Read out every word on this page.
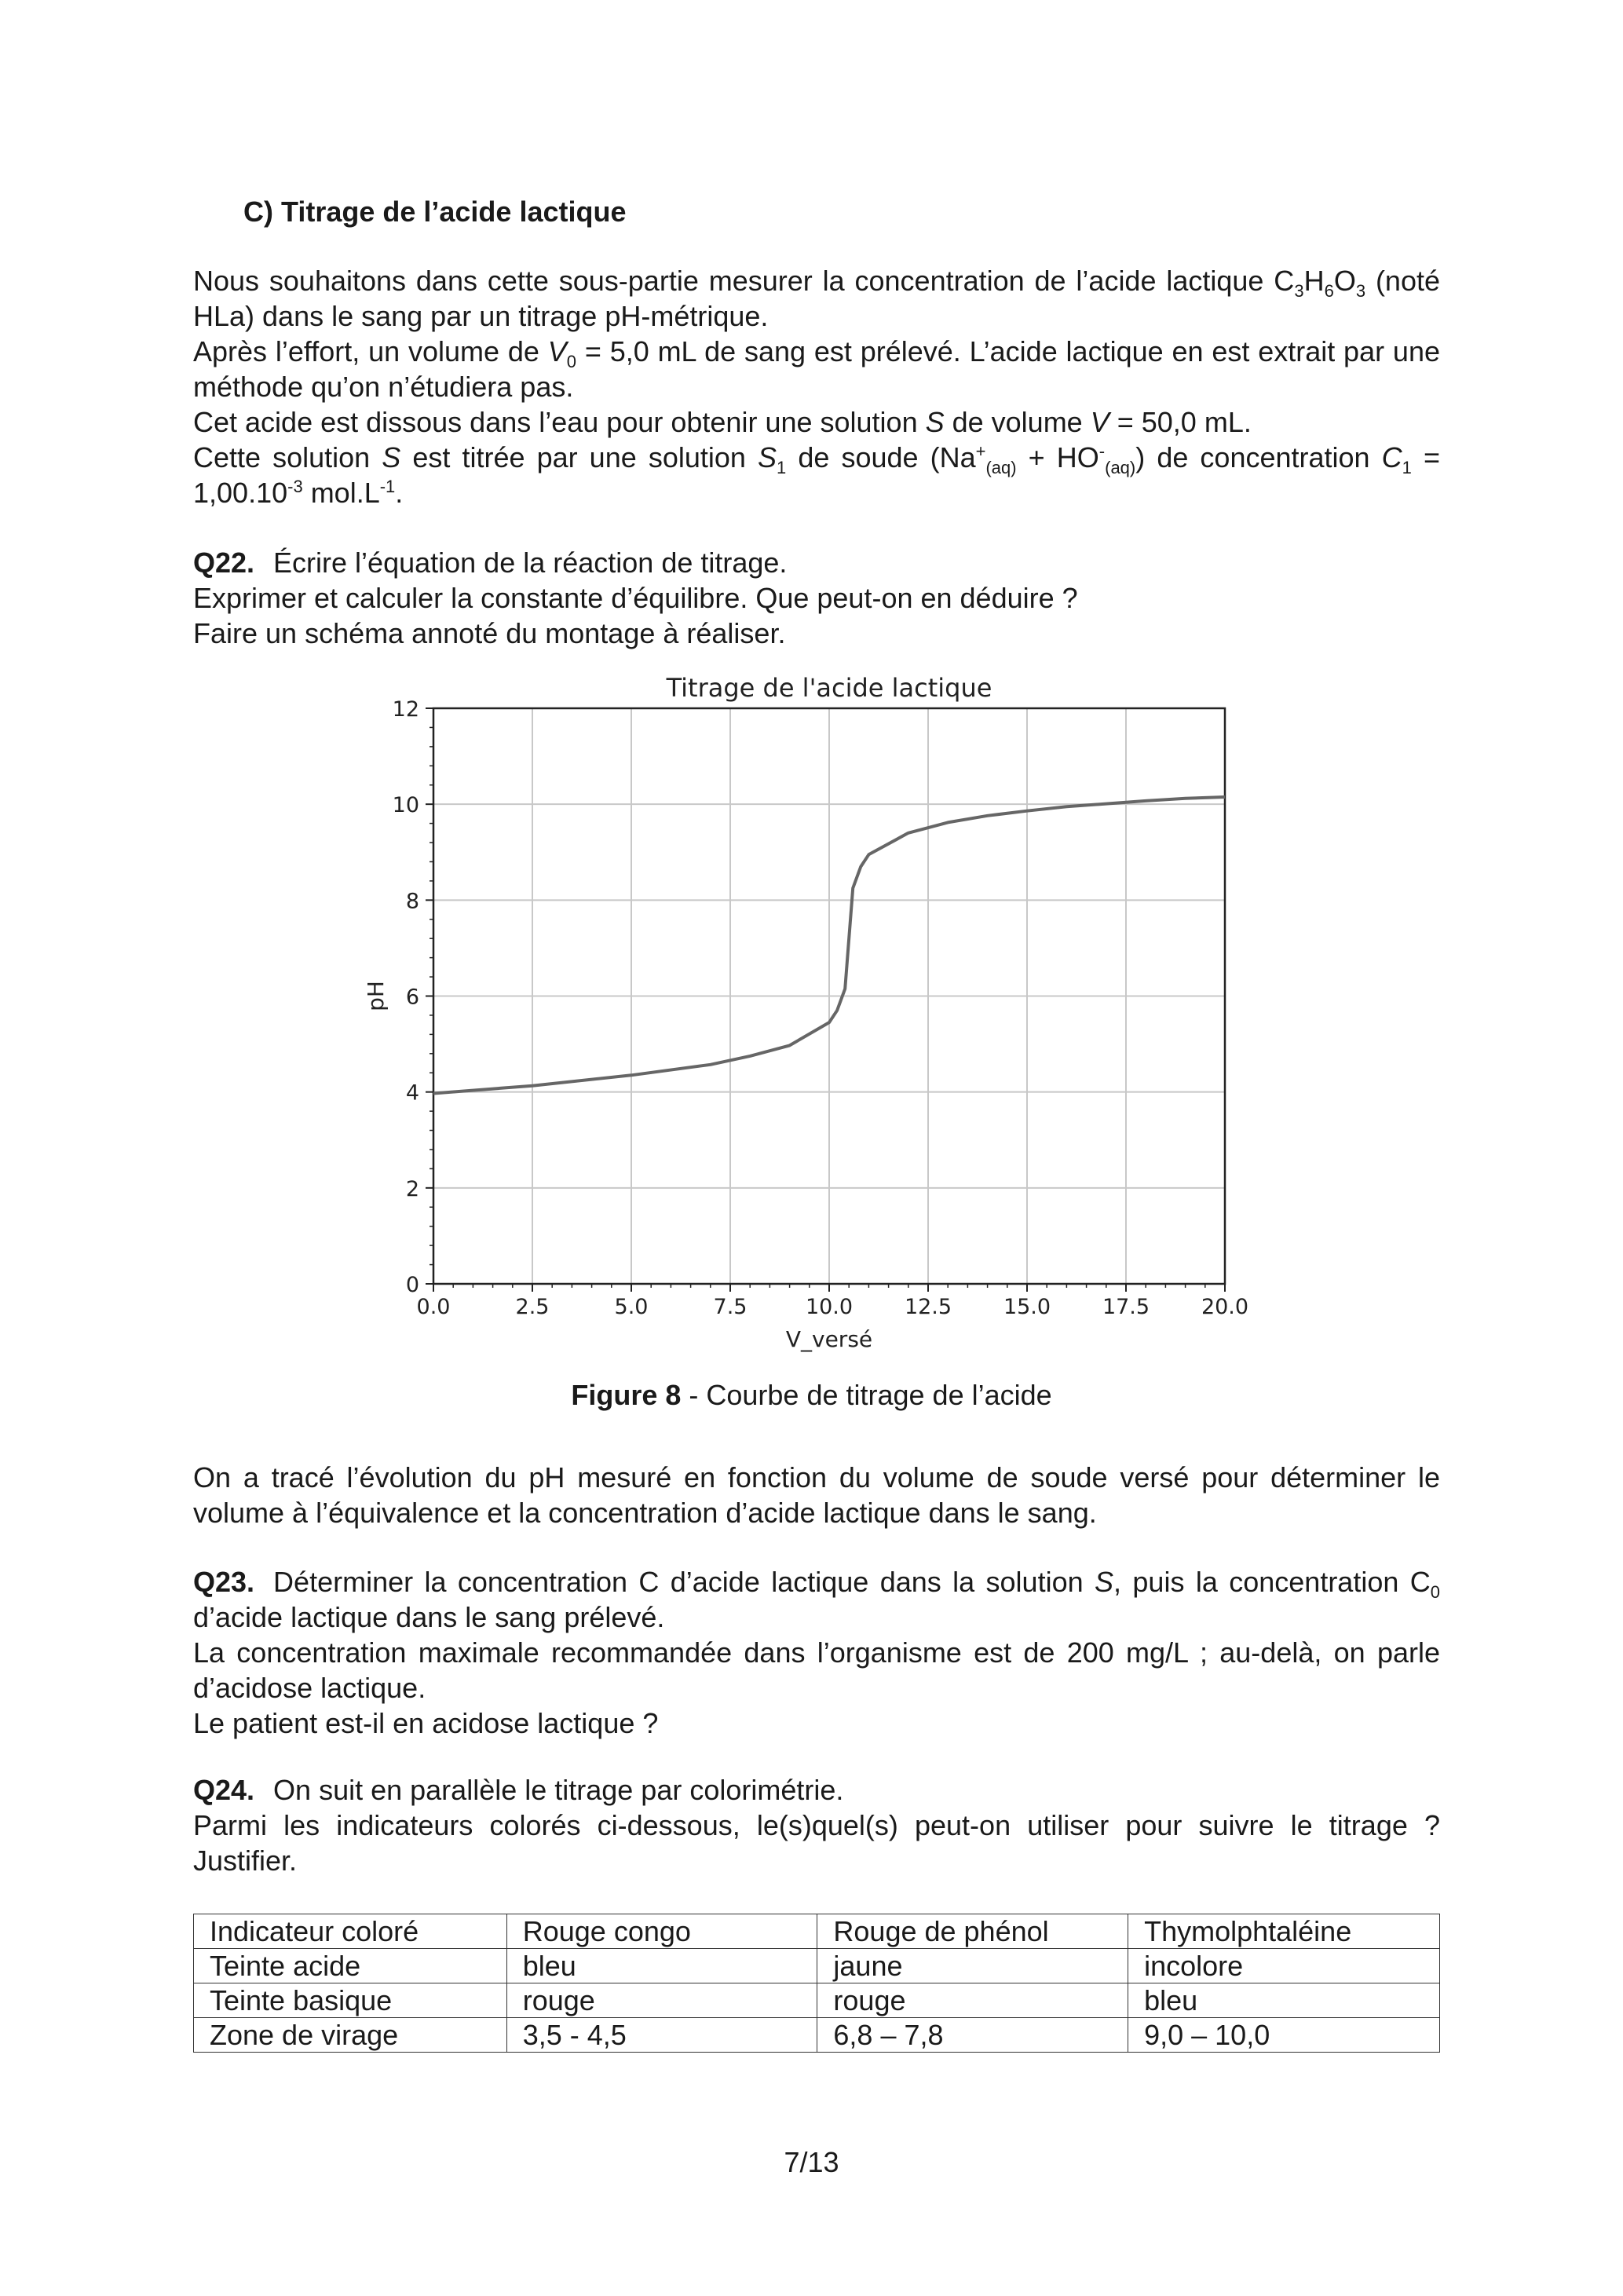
C) Titrage de l’acide lactique
Nous souhaitons dans cette sous-partie mesurer la concentration de l’acide lactique $C_3H_6O_3$ (noté HLa) dans le sang par un titrage pH-métrique.
Après l’effort, un volume de $V_0 = 5,0$ mL de sang est prélevé. L’acide lactique en est extrait par une méthode qu’on n’étudiera pas.
Cet acide est dissous dans l’eau pour obtenir une solution S de volume V = 50,0 mL.
Cette solution S est titrée par une solution $S_1$ de soude $(Na^+_{(aq)} + HO^-_{(aq)})$ de concentration $C_1 = 1,00.10^{-3}$ $mol.L^{-1}$.
Q22. Écrire l’équation de la réaction de titrage.
Exprimer et calculer la constante d’équilibre. Que peut-on en déduire ?
Faire un schéma annoté du montage à réaliser.
0.0	2.5	5.0	7.5	10.0 12.5 15.0 17.5 20.0
0
2
4
6
8
10
12
Titrage de l'acide lactique
V_versé
pH
Figure 8 - Courbe de titrage de l’acide
On a tracé l’évolution du pH mesuré en fonction du volume de soude versé pour déterminer le volume à l’équivalence et la concentration d’acide lactique dans le sang.
Q23. Déterminer la concentration C d’acide lactique dans la solution S, puis la concentration $C_0$ d’acide lactique dans le sang prélevé.
La concentration maximale recommandée dans l’organisme est de 200 mg/L ; au-delà, on parle d’acidose lactique.
Le patient est-il en acidose lactique ?
Q24. On suit en parallèle le titrage par colorimétrie.
Parmi les indicateurs colorés ci-dessous, le(s)quel(s) peut-on utiliser pour suivre le titrage ? Justifier.
Indicateur coloré	Rouge congo	Rouge de phénol	Thymolphtaléine
Teinte acide	bleu	jaune	incolore
Teinte basique	rouge	rouge	bleu
Zone de virage	3,5 - 4,5	6,8 – 7,8	9,0 – 10,0
7/13
